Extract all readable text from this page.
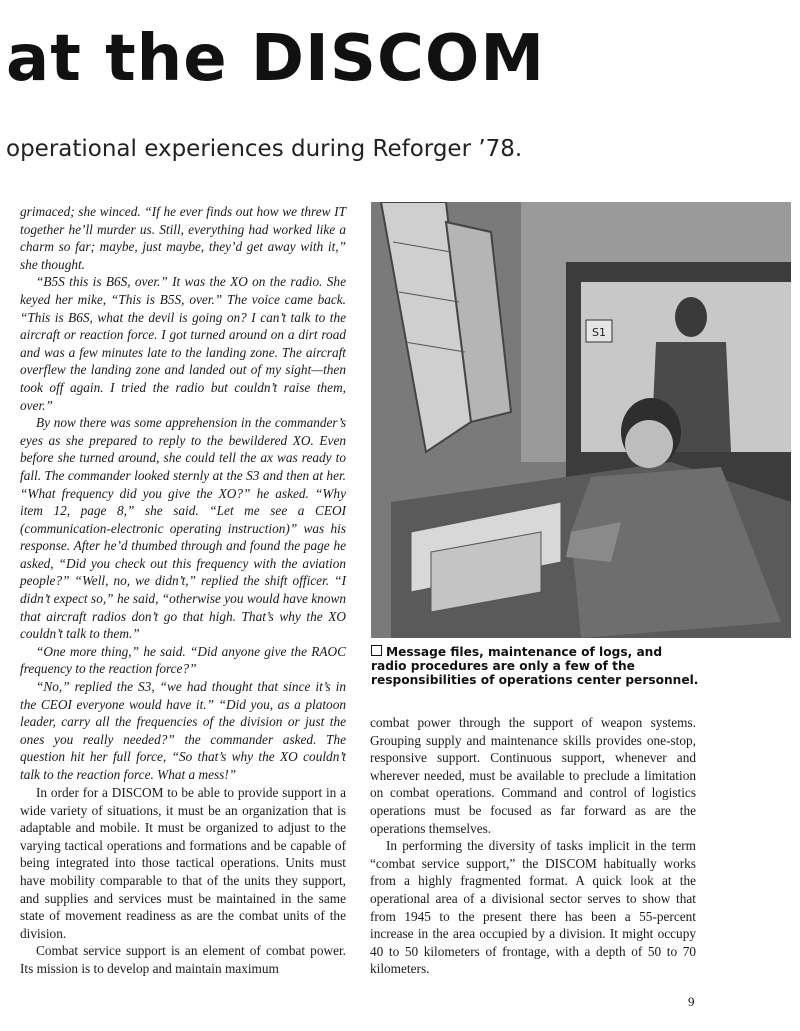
at the DISCOM
operational experiences during Reforger ’78.

grimaced; she winced. “If he ever finds out how we threw IT together he’ll murder us. Still, everything had worked like a charm so far; maybe, just maybe, they’d get away with it,” she thought.

“B5S this is B6S, over.” It was the XO on the radio. She keyed her mike, “This is B5S, over.” The voice came back. “This is B6S, what the devil is going on? I can’t talk to the aircraft or reaction force. I got turned around on a dirt road and was a few minutes late to the landing zone. The aircraft overflew the landing zone and landed out of my sight—then took off again. I tried the radio but couldn’t raise them, over.”

By now there was some apprehension in the commander’s eyes as she prepared to reply to the bewildered XO. Even before she turned around, she could tell the ax was ready to fall. The commander looked sternly at the S3 and then at her. “What frequency did you give the XO?” he asked. “Why item 12, page 8,” she said. “Let me see a CEOI (communication-electronic operating instruction)” was his response. After he’d thumbed through and found the page he asked, “Did you check out this frequency with the aviation people?” “Well, no, we didn’t,” replied the shift officer. “I didn’t expect so,” he said, “otherwise you would have known that aircraft radios don’t go that high. That’s why the XO couldn’t talk to them.”

“One more thing,” he said. “Did anyone give the RAOC frequency to the reaction force?”

“No,” replied the S3, “we had thought that since it’s in the CEOI everyone would have it.” “Did you, as a platoon leader, carry all the frequencies of the division or just the ones you really needed?” the commander asked. The question hit her full force, “So that’s why the XO couldn’t talk to the reaction force. What a mess!”

In order for a DISCOM to be able to provide support in a wide variety of situations, it must be an organization that is adaptable and mobile. It must be organized to adjust to the varying tactical operations and formations and be capable of being integrated into those tactical operations. Units must have mobility comparable to that of the units they support, and supplies and services must be maintained in the same state of movement readiness as are the combat units of the division.

Combat service support is an element of combat power. Its mission is to develop and maintain maximum

S1
Message files, maintenance of logs, and radio procedures are only a few of the responsibilities of operations center personnel.

combat power through the support of weapon systems. Grouping supply and maintenance skills provides one-stop, responsive support. Continuous support, whenever and wherever needed, must be available to preclude a limitation on combat operations. Command and control of logistics operations must be focused as far forward as are the operations themselves.

In performing the diversity of tasks implicit in the term “combat service support,” the DISCOM habitually works from a highly fragmented format. A quick look at the operational area of a divisional sector serves to show that from 1945 to the present there has been a 55-percent increase in the area occupied by a division. It might occupy 40 to 50 kilometers of frontage, with a depth of 50 to 70 kilometers.

9
